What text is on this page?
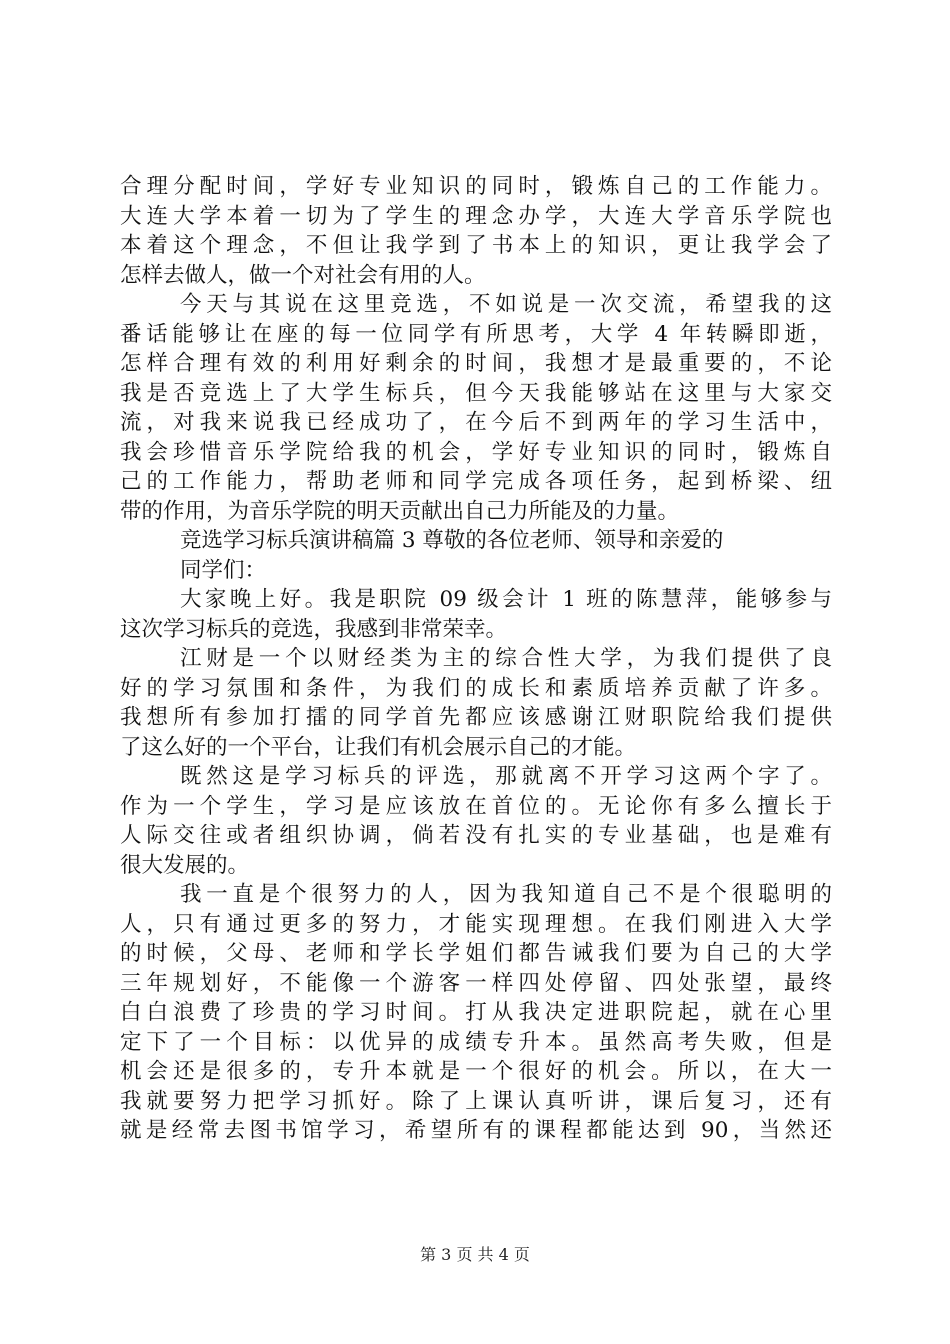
合理分配时间，学好专业知识的同时，锻炼自己的工作能力。
大连大学本着一切为了学生的理念办学，大连大学音乐学院也
本着这个理念，不但让我学到了书本上的知识，更让我学会了
怎样去做人，做一个对社会有用的人。
今天与其说在这里竞选，不如说是一次交流，希望我的这
番话能够让在座的每一位同学有所思考，大学 4 年转瞬即逝，
怎样合理有效的利用好剩余的时间，我想才是最重要的，不论
我是否竞选上了大学生标兵，但今天我能够站在这里与大家交
流，对我来说我已经成功了，在今后不到两年的学习生活中，
我会珍惜音乐学院给我的机会，学好专业知识的同时，锻炼自
己的工作能力，帮助老师和同学完成各项任务，起到桥梁、纽
带的作用，为音乐学院的明天贡献出自己力所能及的力量。
竞选学习标兵演讲稿篇 3 尊敬的各位老师、领导和亲爱的
同学们：
大家晚上好。我是职院 09 级会计 1 班的陈慧萍，能够参与
这次学习标兵的竞选，我感到非常荣幸。
江财是一个以财经类为主的综合性大学，为我们提供了良
好的学习氛围和条件，为我们的成长和素质培养贡献了许多。
我想所有参加打擂的同学首先都应该感谢江财职院给我们提供
了这么好的一个平台，让我们有机会展示自己的才能。
既然这是学习标兵的评选，那就离不开学习这两个字了。
作为一个学生，学习是应该放在首位的。无论你有多么擅长于
人际交往或者组织协调，倘若没有扎实的专业基础，也是难有
很大发展的。
我一直是个很努力的人，因为我知道自己不是个很聪明的
人，只有通过更多的努力，才能实现理想。在我们刚进入大学
的时候，父母、老师和学长学姐们都告诫我们要为自己的大学
三年规划好，不能像一个游客一样四处停留、四处张望，最终
白白浪费了珍贵的学习时间。打从我决定进职院起，就在心里
定下了一个目标：以优异的成绩专升本。虽然高考失败，但是
机会还是很多的，专升本就是一个很好的机会。所以，在大一
我就要努力把学习抓好。除了上课认真听讲，课后复习，还有
就是经常去图书馆学习，希望所有的课程都能达到 90，当然还
第 3 页 共 4 页
